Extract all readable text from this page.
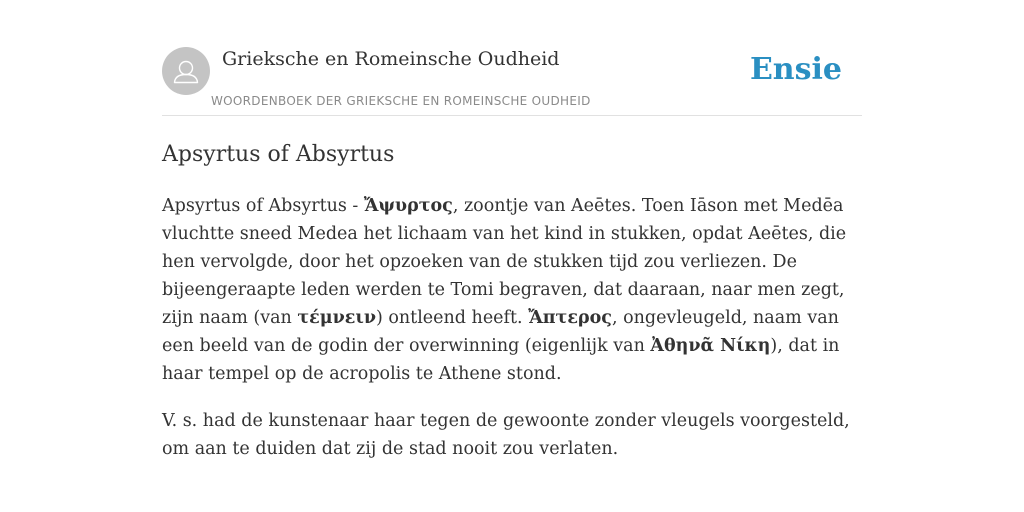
Grieksche en Romeinsche Oudheid
WOORDENBOEK DER GRIEKSCHE EN ROMEINSCHE OUDHEID
Ensie
Apsyrtus of Absyrtus

Apsyrtus of Absyrtus - Ἄψυρτος, zoontje van Aeētes. Toen Iāson met Medēa vluchtte sneed Medea het lichaam van het kind in stukken, opdat Aeētes, die hen vervolgde, door het opzoeken van de stukken tijd zou verliezen. De bijeengeraapte leden werden te Tomi begraven, dat daaraan, naar men zegt, zijn naam (van τέμνειν) ontleend heeft. Ἄπτερος, ongevleugeld, naam van een beeld van de godin der overwinning (eigenlijk van Ἀθηνᾶ Νίκη), dat in haar tempel op de acropolis te Athene stond.

V. s. had de kunstenaar haar tegen de gewoonte zonder vleugels voorgesteld, om aan te duiden dat zij de stad nooit zou verlaten.
